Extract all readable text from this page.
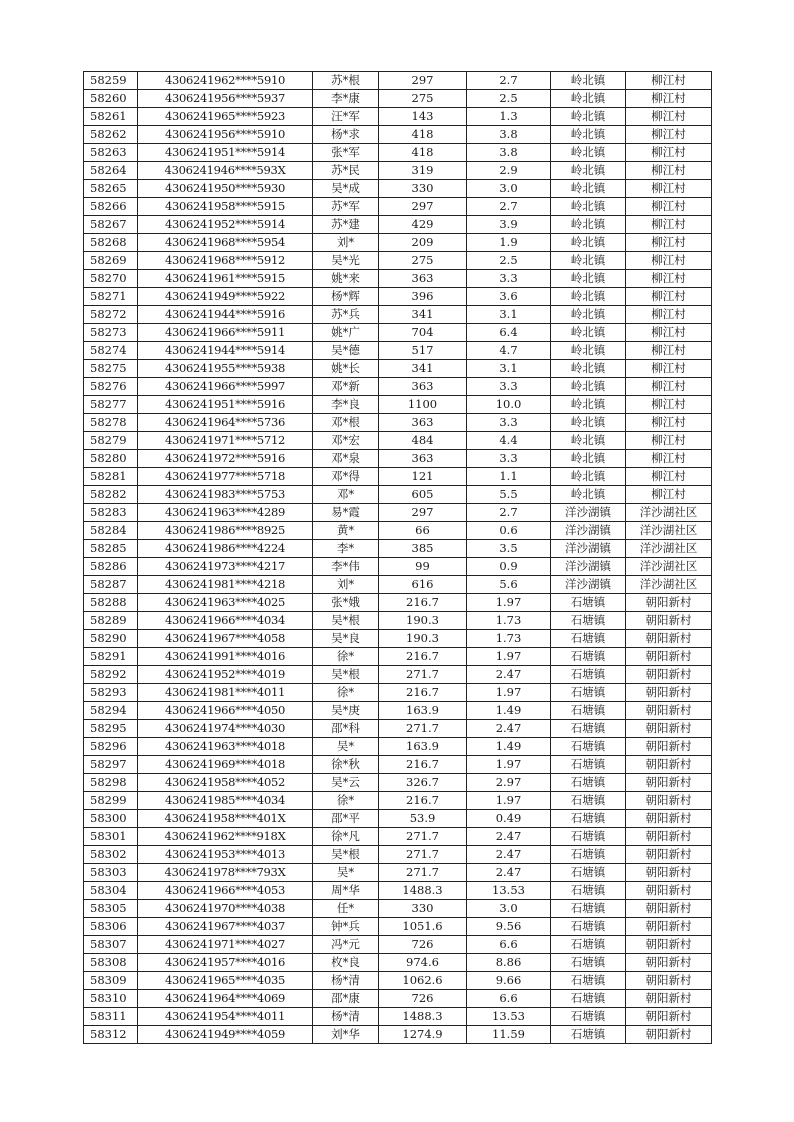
58259	4306241962****5910	苏*根	297	2.7	岭北镇	柳江村
58260	4306241956****5937	李*康	275	2.5	岭北镇	柳江村
58261	4306241965****5923	汪*军	143	1.3	岭北镇	柳江村
58262	4306241956****5910	杨*求	418	3.8	岭北镇	柳江村
58263	4306241951****5914	张*军	418	3.8	岭北镇	柳江村
58264	4306241946****593X	苏*民	319	2.9	岭北镇	柳江村
58265	4306241950****5930	吴*成	330	3.0	岭北镇	柳江村
58266	4306241958****5915	苏*军	297	2.7	岭北镇	柳江村
58267	4306241952****5914	苏*建	429	3.9	岭北镇	柳江村
58268	4306241968****5954	刘*	209	1.9	岭北镇	柳江村
58269	4306241968****5912	吴*光	275	2.5	岭北镇	柳江村
58270	4306241961****5915	姚*来	363	3.3	岭北镇	柳江村
58271	4306241949****5922	杨*辉	396	3.6	岭北镇	柳江村
58272	4306241944****5916	苏*兵	341	3.1	岭北镇	柳江村
58273	4306241966****5911	姚*广	704	6.4	岭北镇	柳江村
58274	4306241944****5914	吴*德	517	4.7	岭北镇	柳江村
58275	4306241955****5938	姚*长	341	3.1	岭北镇	柳江村
58276	4306241966****5997	邓*新	363	3.3	岭北镇	柳江村
58277	4306241951****5916	李*良	1100	10.0	岭北镇	柳江村
58278	4306241964****5736	邓*根	363	3.3	岭北镇	柳江村
58279	4306241971****5712	邓*宏	484	4.4	岭北镇	柳江村
58280	4306241972****5916	邓*泉	363	3.3	岭北镇	柳江村
58281	4306241977****5718	邓*得	121	1.1	岭北镇	柳江村
58282	4306241983****5753	邓*	605	5.5	岭北镇	柳江村
58283	4306241963****4289	易*霞	297	2.7	洋沙湖镇	洋沙湖社区
58284	4306241986****8925	黄*	66	0.6	洋沙湖镇	洋沙湖社区
58285	4306241986****4224	李*	385	3.5	洋沙湖镇	洋沙湖社区
58286	4306241973****4217	李*伟	99	0.9	洋沙湖镇	洋沙湖社区
58287	4306241981****4218	刘*	616	5.6	洋沙湖镇	洋沙湖社区
58288	4306241963****4025	张*娥	216.7	1.97	石塘镇	朝阳新村
58289	4306241966****4034	吴*根	190.3	1.73	石塘镇	朝阳新村
58290	4306241967****4058	吴*良	190.3	1.73	石塘镇	朝阳新村
58291	4306241991****4016	徐*	216.7	1.97	石塘镇	朝阳新村
58292	4306241952****4019	吴*根	271.7	2.47	石塘镇	朝阳新村
58293	4306241981****4011	徐*	216.7	1.97	石塘镇	朝阳新村
58294	4306241966****4050	吴*庚	163.9	1.49	石塘镇	朝阳新村
58295	4306241974****4030	邵*科	271.7	2.47	石塘镇	朝阳新村
58296	4306241963****4018	吴*	163.9	1.49	石塘镇	朝阳新村
58297	4306241969****4018	徐*秋	216.7	1.97	石塘镇	朝阳新村
58298	4306241958****4052	吴*云	326.7	2.97	石塘镇	朝阳新村
58299	4306241985****4034	徐*	216.7	1.97	石塘镇	朝阳新村
58300	4306241958****401X	邵*平	53.9	0.49	石塘镇	朝阳新村
58301	4306241962****918X	徐*凡	271.7	2.47	石塘镇	朝阳新村
58302	4306241953****4013	吴*根	271.7	2.47	石塘镇	朝阳新村
58303	4306241978****793X	吴*	271.7	2.47	石塘镇	朝阳新村
58304	4306241966****4053	周*华	1488.3	13.53	石塘镇	朝阳新村
58305	4306241970****4038	任*	330	3.0	石塘镇	朝阳新村
58306	4306241967****4037	钟*兵	1051.6	9.56	石塘镇	朝阳新村
58307	4306241971****4027	冯*元	726	6.6	石塘镇	朝阳新村
58308	4306241957****4016	枚*良	974.6	8.86	石塘镇	朝阳新村
58309	4306241965****4035	杨*清	1062.6	9.66	石塘镇	朝阳新村
58310	4306241964****4069	邵*康	726	6.6	石塘镇	朝阳新村
58311	4306241954****4011	杨*清	1488.3	13.53	石塘镇	朝阳新村
58312	4306241949****4059	刘*华	1274.9	11.59	石塘镇	朝阳新村
